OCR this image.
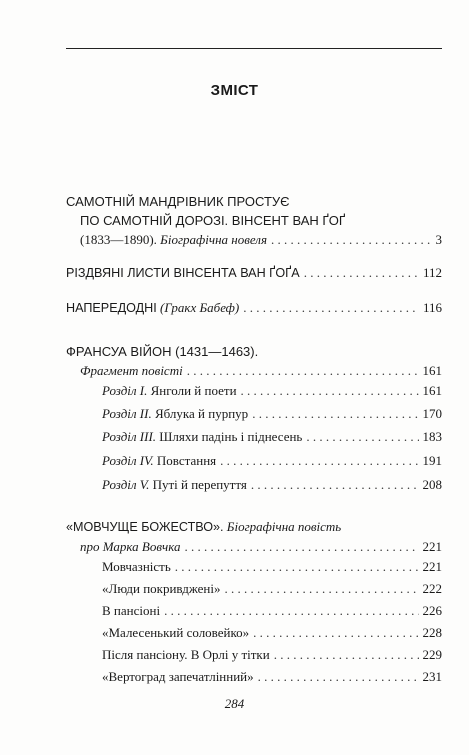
ЗМІСТ
САМОТНІЙ МАНДРІВНИК ПРОСТУЄ
ПО САМОТНІЙ ДОРОЗІ. ВІНСЕНТ ВАН ҐОҐ
(1833—1890). Біографічна новеля . . .	3
РІЗДВЯНІ ЛИСТИ ВІНСЕНТА ВАН ҐОҐА . . .	112
НАПЕРЕДОДНІ (Гракх Бабеф) . . .	116
ФРАНСУА ВІЙОН (1431—1463).
Фрагмент повісті . . .	161
Розділ І. Янголи й поети . . .	161
Розділ ІІ. Яблука й пурпур . . .	170
Розділ ІІІ. Шляхи падінь і піднесень . . .	183
Розділ IV. Повстання . . .	191
Розділ V. Путі й перепуття . . .	208
«МОВЧУЩЕ БОЖЕСТВО». Біографічна повість
про Марка Вовчка . . .	221
Мовчазність . . .	221
«Люди покривджені» . . .	222
В пансіоні . . .	226
«Малесенький соловейко» . . .	228
Після пансіону. В Орлі у тітки . . .	229
«Вертоград запечатлінний» . . .	231
284
